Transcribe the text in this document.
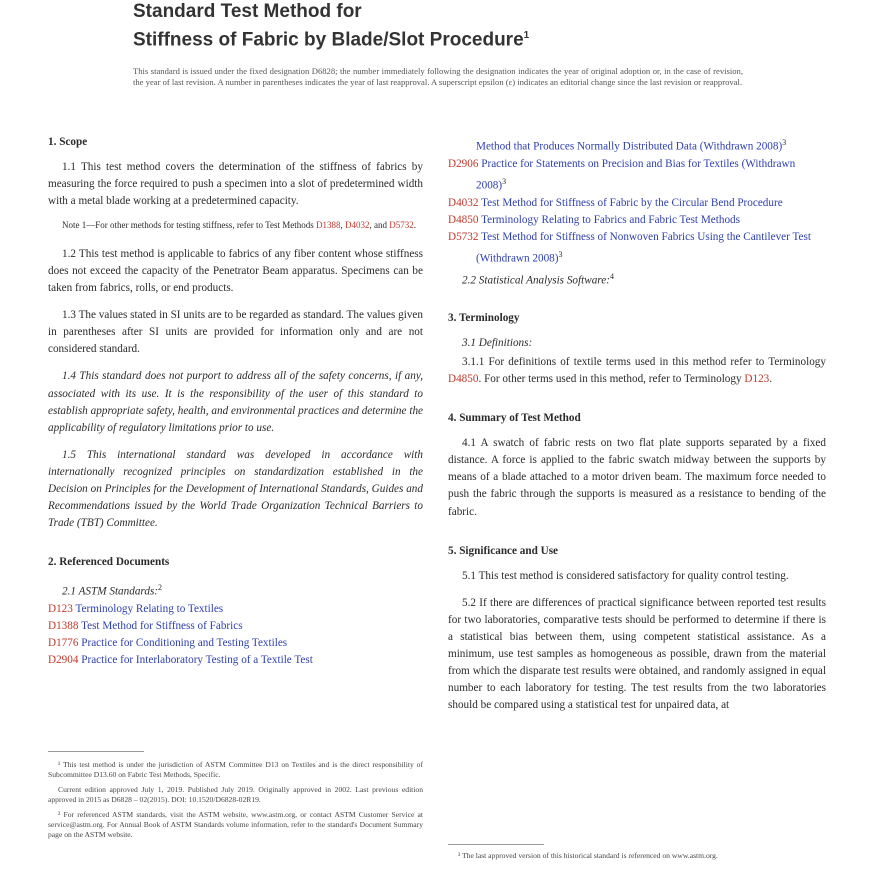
Standard Test Method for
Stiffness of Fabric by Blade/Slot Procedure$^1$
This standard is issued under the fixed designation D6828; the number immediately following the designation indicates the year of original adoption or, in the case of revision, the year of last revision. A number in parentheses indicates the year of last reapproval. A superscript epsilon (ε) indicates an editorial change since the last revision or reapproval.
1. Scope

1.1 This test method covers the determination of the stiffness of fabrics by measuring the force required to push a specimen into a slot of predetermined width with a metal blade working at a predetermined capacity.

Note 1—For other methods for testing stiffness, refer to Test Methods D1388, D4032, and D5732.

1.2 This test method is applicable to fabrics of any fiber content whose stiffness does not exceed the capacity of the Penetrator Beam apparatus. Specimens can be taken from fabrics, rolls, or end products.

1.3 The values stated in SI units are to be regarded as standard. The values given in parentheses after SI units are provided for information only and are not considered standard.

1.4 This standard does not purport to address all of the safety concerns, if any, associated with its use. It is the responsibility of the user of this standard to establish appropriate safety, health, and environmental practices and determine the applicability of regulatory limitations prior to use.

1.5 This international standard was developed in accordance with internationally recognized principles on standardization established in the Decision on Principles for the Development of International Standards, Guides and Recommendations issued by the World Trade Organization Technical Barriers to Trade (TBT) Committee.

2. Referenced Documents
2.1 ASTM Standards:$^2$
D123 Terminology Relating to Textiles
D1388 Test Method for Stiffness of Fabrics
D1776 Practice for Conditioning and Testing Textiles
D2904 Practice for Interlaboratory Testing of a Textile Test
Method that Produces Normally Distributed Data (Withdrawn 2008)$^3$
D2906 Practice for Statements on Precision and Bias for Textiles (Withdrawn 2008)$^3$
D4032 Test Method for Stiffness of Fabric by the Circular Bend Procedure
D4850 Terminology Relating to Fabrics and Fabric Test Methods
D5732 Test Method for Stiffness of Nonwoven Fabrics Using the Cantilever Test (Withdrawn 2008)$^3$
2.2 Statistical Analysis Software:$^4$
3. Terminology

3.1 Definitions:

3.1.1 For definitions of textile terms used in this method refer to Terminology D4850. For other terms used in this method, refer to Terminology D123.

4. Summary of Test Method

4.1 A swatch of fabric rests on two flat plate supports separated by a fixed distance. A force is applied to the fabric swatch midway between the supports by means of a blade attached to a motor driven beam. The maximum force needed to push the fabric through the supports is measured as a resistance to bending of the fabric.

5. Significance and Use

5.1 This test method is considered satisfactory for quality control testing.

5.2 If there are differences of practical significance between reported test results for two laboratories, comparative tests should be performed to determine if there is a statistical bias between them, using competent statistical assistance. As a minimum, use test samples as homogeneous as possible, drawn from the material from which the disparate test results were obtained, and randomly assigned in equal number to each laboratory for testing. The test results from the two laboratories should be compared using a statistical test for unpaired data, at

¹ This test method is under the jurisdiction of ASTM Committee D13 on Textiles and is the direct responsibility of Subcommittee D13.60 on Fabric Test Methods, Specific.

Current edition approved July 1, 2019. Published July 2019. Originally approved in 2002. Last previous edition approved in 2015 as D6828 – 02(2015). DOI: 10.1520/D6828-02R19.

² For referenced ASTM standards, visit the ASTM website, www.astm.org, or contact ASTM Customer Service at service@astm.org. For Annual Book of ASTM Standards volume information, refer to the standard's Document Summary page on the ASTM website.

³ The last approved version of this historical standard is referenced on www.astm.org.
